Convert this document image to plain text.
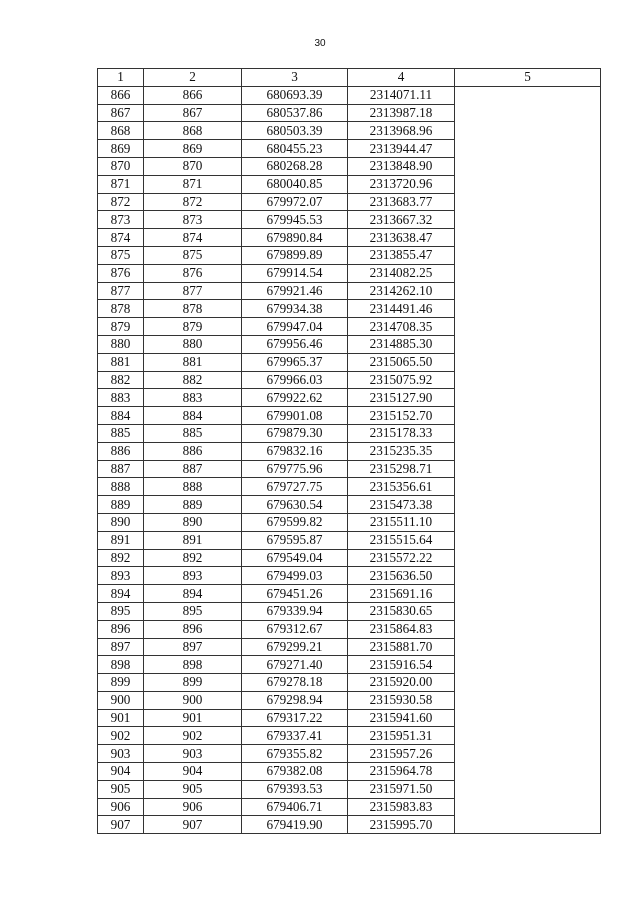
30
1	2	3	4	5
866	866	680693.39	2314071.11	
867	867	680537.86	2313987.18	
868	868	680503.39	2313968.96	
869	869	680455.23	2313944.47	
870	870	680268.28	2313848.90	
871	871	680040.85	2313720.96	
872	872	679972.07	2313683.77	
873	873	679945.53	2313667.32	
874	874	679890.84	2313638.47	
875	875	679899.89	2313855.47	
876	876	679914.54	2314082.25	
877	877	679921.46	2314262.10	
878	878	679934.38	2314491.46	
879	879	679947.04	2314708.35	
880	880	679956.46	2314885.30	
881	881	679965.37	2315065.50	
882	882	679966.03	2315075.92	
883	883	679922.62	2315127.90	
884	884	679901.08	2315152.70	
885	885	679879.30	2315178.33	
886	886	679832.16	2315235.35	
887	887	679775.96	2315298.71	
888	888	679727.75	2315356.61	
889	889	679630.54	2315473.38	
890	890	679599.82	2315511.10	
891	891	679595.87	2315515.64	
892	892	679549.04	2315572.22	
893	893	679499.03	2315636.50	
894	894	679451.26	2315691.16	
895	895	679339.94	2315830.65	
896	896	679312.67	2315864.83	
897	897	679299.21	2315881.70	
898	898	679271.40	2315916.54	
899	899	679278.18	2315920.00	
900	900	679298.94	2315930.58	
901	901	679317.22	2315941.60	
902	902	679337.41	2315951.31	
903	903	679355.82	2315957.26	
904	904	679382.08	2315964.78	
905	905	679393.53	2315971.50	
906	906	679406.71	2315983.83	
907	907	679419.90	2315995.70	
